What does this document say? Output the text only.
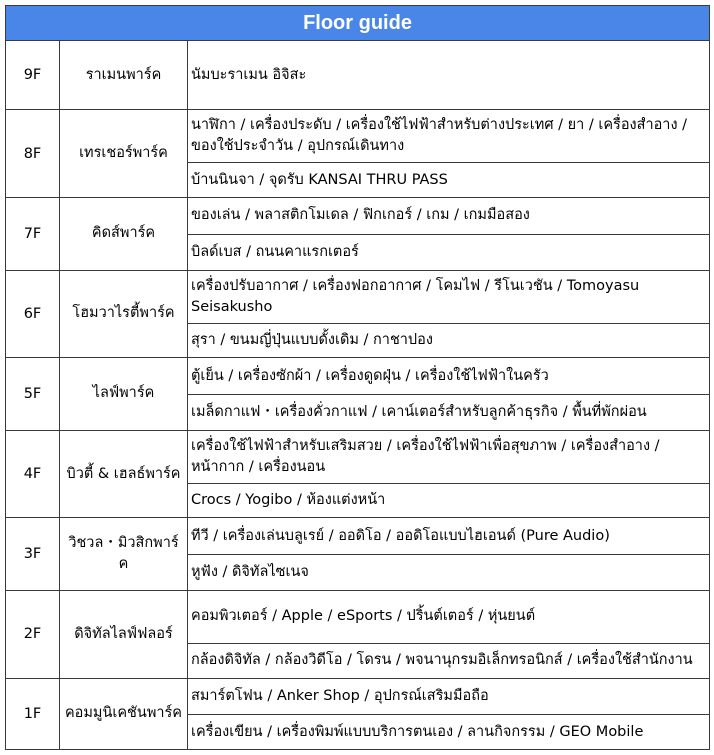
Floor guide		
9F	ราเมนพาร์ค	นัมบะราเมน อิจิสะ
8F	เทรเชอร์พาร์ค	นาฬิกา / เครื่องประดับ / เครื่องใช้ไฟฟ้าสำหรับต่างประเทศ / ยา / เครื่องสำอาง / ของใช้ประจำวัน / อุปกรณ์เดินทาง
		บ้านนินจา / จุดรับ KANSAI THRU PASS
7F	คิดส์พาร์ค	ของเล่น / พลาสติกโมเดล / ฟิกเกอร์ / เกม / เกมมือสอง
		บิลด์เบส / ถนนคาแรกเตอร์
6F	โฮมวาไรตี้พาร์ค	เครื่องปรับอากาศ / เครื่องฟอกอากาศ / โคมไฟ / รีโนเวชัน / Tomoyasu Seisakusho
		สุรา / ขนมญี่ปุ่นแบบดั้งเดิม / กาชาปอง
5F	ไลฟ์พาร์ค	ตู้เย็น / เครื่องซักผ้า / เครื่องดูดฝุ่น / เครื่องใช้ไฟฟ้าในครัว
		เมล็ดกาแฟ・เครื่องคั่วกาแฟ / เคาน์เตอร์สำหรับลูกค้าธุรกิจ / พื้นที่พักผ่อน
4F	บิวตี้ & เฮลธ์พาร์ค	เครื่องใช้ไฟฟ้าสำหรับเสริมสวย / เครื่องใช้ไฟฟ้าเพื่อสุขภาพ / เครื่องสำอาง / หน้ากาก / เครื่องนอน
		Crocs / Yogibo / ห้องแต่งหน้า
3F	วิชวล・มิวสิกพาร์ค	ทีวี / เครื่องเล่นบลูเรย์ / ออดิโอ / ออดิโอแบบไฮเอนด์ (Pure Audio)
		หูฟัง / ดิจิทัลไซเนจ
2F	ดิจิทัลไลฟ์ฟลอร์	คอมพิวเตอร์ / Apple / eSports / ปริ้นต์เตอร์ / หุ่นยนต์
		กล้องดิจิทัล / กล้องวิดีโอ / โดรน / พจนานุกรมอิเล็กทรอนิกส์ / เครื่องใช้สำนักงาน
1F	คอมมูนิเคชันพาร์ค	สมาร์ตโฟน / Anker Shop / อุปกรณ์เสริมมือถือ
		เครื่องเขียน / เครื่องพิมพ์แบบบริการตนเอง / ลานกิจกรรม / GEO Mobile
